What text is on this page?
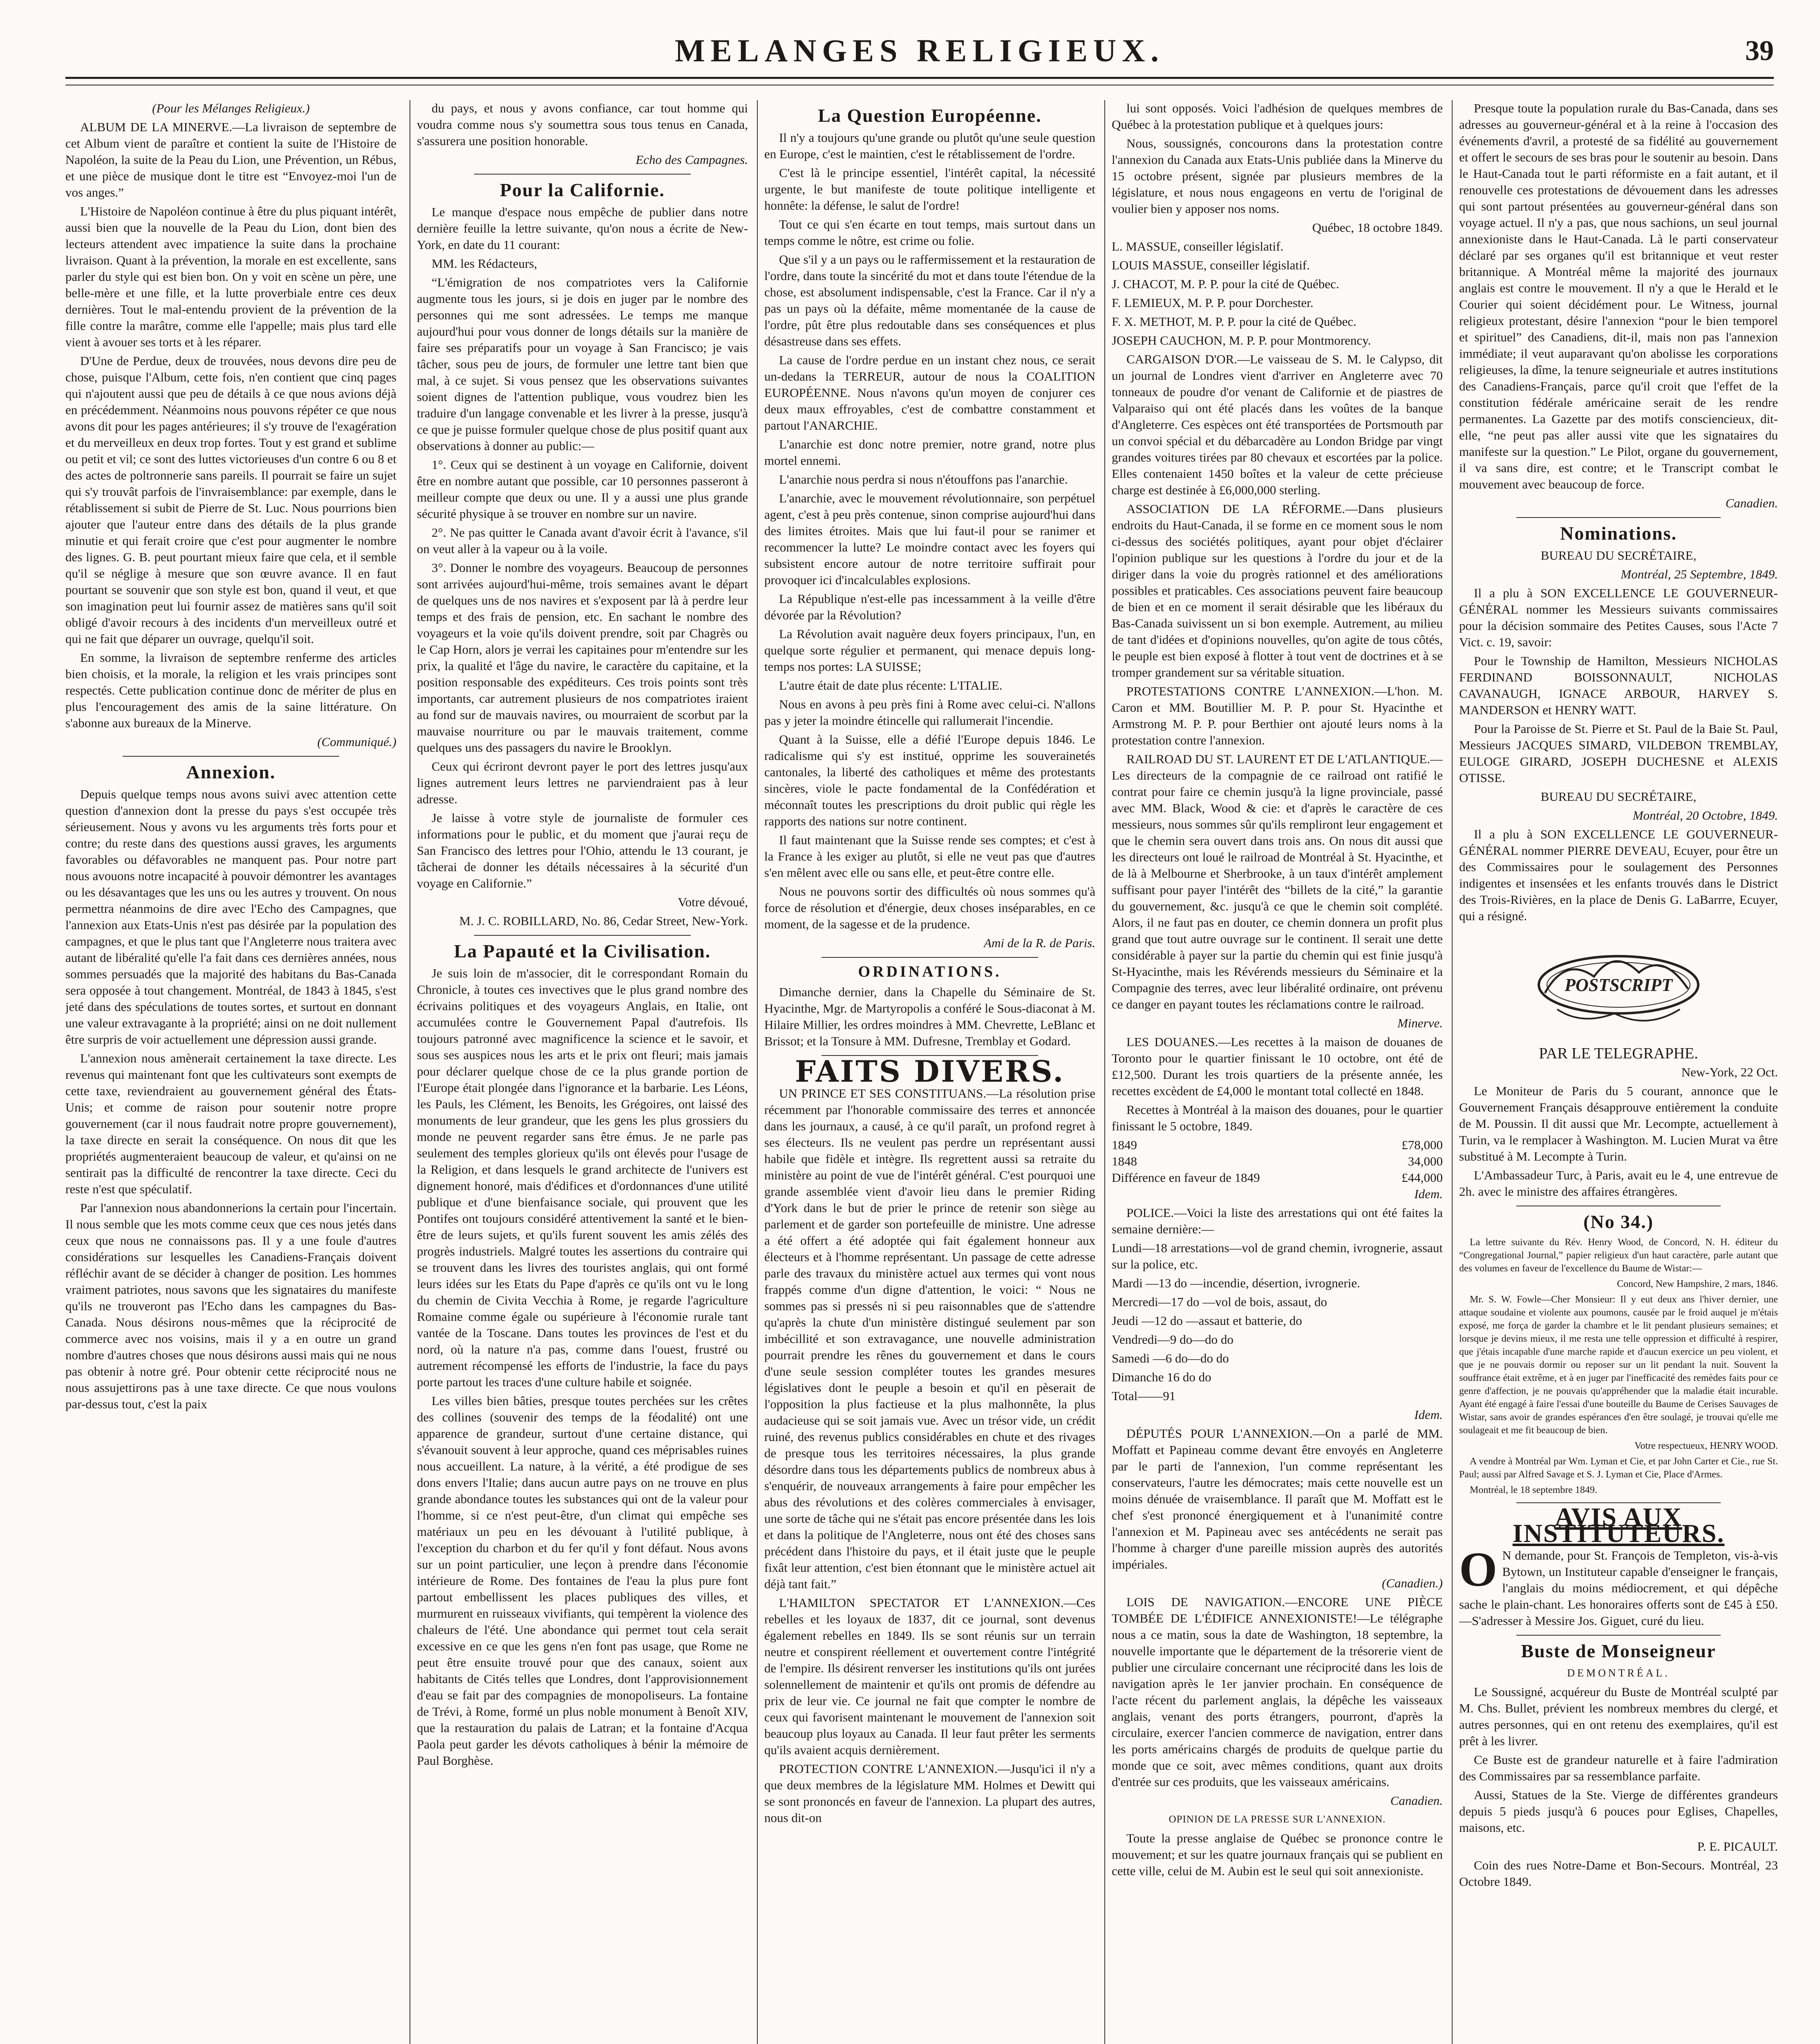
MELANGES RELIGIEUX.	39

(Pour les Mélanges Religieux.)

ALBUM DE LA MINERVE.—La livraison de septembre de cet Album vient de paraître et contient la suite de l'Histoire de Napoléon, la suite de la Peau du Lion, une Prévention, un Rébus, et une pièce de musique dont le titre est “Envoyez-moi l'un de vos anges.”

L'Histoire de Napoléon continue à être du plus piquant intérêt, aussi bien que la nouvelle de la Peau du Lion, dont bien des lecteurs attendent avec impatience la suite dans la prochaine livraison. Quant à la prévention, la morale en est excellente, sans parler du style qui est bien bon. On y voit en scène un père, une belle-mère et une fille, et la lutte proverbiale entre ces deux dernières. Tout le mal-entendu provient de la prévention de la fille contre la marâtre, comme elle l'appelle; mais plus tard elle vient à avouer ses torts et à les réparer.

D'Une de Perdue, deux de trouvées, nous devons dire peu de chose, puisque l'Album, cette fois, n'en contient que cinq pages qui n'ajoutent aussi que peu de détails à ce que nous avions déjà en précédemment. Néanmoins nous pouvons répéter ce que nous avons dit pour les pages antérieures; il s'y trouve de l'exagération et du merveilleux en deux trop fortes. Tout y est grand et sublime ou petit et vil; ce sont des luttes victorieuses d'un contre 6 ou 8 et des actes de poltronnerie sans pareils. Il pourrait se faire un sujet qui s'y trouvât parfois de l'invraisemblance: par exemple, dans le rétablissement si subit de Pierre de St. Luc. Nous pourrions bien ajouter que l'auteur entre dans des détails de la plus grande minutie et qui ferait croire que c'est pour augmenter le nombre des lignes. G. B. peut pourtant mieux faire que cela, et il semble qu'il se néglige à mesure que son œuvre avance. Il en faut pourtant se souvenir que son style est bon, quand il veut, et que son imagination peut lui fournir assez de matières sans qu'il soit obligé d'avoir recours à des incidents d'un merveilleux outré et qui ne fait que déparer un ouvrage, quelqu'il soit.

En somme, la livraison de septembre renferme des articles bien choisis, et la morale, la religion et les vrais principes sont respectés. Cette publication continue donc de mériter de plus en plus l'encouragement des amis de la saine littérature. On s'abonne aux bureaux de la Minerve.

(Communiqué.)

Annexion.

Depuis quelque temps nous avons suivi avec attention cette question d'annexion dont la presse du pays s'est occupée très sérieusement. Nous y avons vu les arguments très forts pour et contre; du reste dans des questions aussi graves, les arguments favorables ou défavorables ne manquent pas. Pour notre part nous avouons notre incapacité à pouvoir démontrer les avantages ou les désavantages que les uns ou les autres y trouvent. On nous permettra néanmoins de dire avec l'Echo des Campagnes, que l'annexion aux Etats-Unis n'est pas désirée par la population des campagnes, et que le plus tant que l'Angleterre nous traitera avec autant de libéralité qu'elle l'a fait dans ces dernières années, nous sommes persuadés que la majorité des habitans du Bas-Canada sera opposée à tout changement. Montréal, de 1843 à 1845, s'est jeté dans des spéculations de toutes sortes, et surtout en donnant une valeur extravagante à la propriété; ainsi on ne doit nullement être surpris de voir actuellement une dépression aussi grande.

L'annexion nous amènerait certainement la taxe directe. Les revenus qui maintenant font que les cultivateurs sont exempts de cette taxe, reviendraient au gouvernement général des États-Unis; et comme de raison pour soutenir notre propre gouvernement (car il nous faudrait notre propre gouvernement), la taxe directe en serait la conséquence. On nous dit que les propriétés augmenteraient beaucoup de valeur, et qu'ainsi on ne sentirait pas la difficulté de rencontrer la taxe directe. Ceci du reste n'est que spéculatif.

Par l'annexion nous abandonnerions la certain pour l'incertain. Il nous semble que les mots comme ceux que ces nous jetés dans ceux que nous ne connaissons pas. Il y a une foule d'autres considérations sur lesquelles les Canadiens-Français doivent réfléchir avant de se décider à changer de position. Les hommes vraiment patriotes, nous savons que les signataires du manifeste qu'ils ne trouveront pas l'Echo dans les campagnes du Bas-Canada. Nous désirons nous-mêmes que la réciprocité de commerce avec nos voisins, mais il y a en outre un grand nombre d'autres choses que nous désirons aussi mais qui ne nous pas obtenir à notre gré. Pour obtenir cette réciprocité nous ne nous assujettirons pas à une taxe directe. Ce que nous voulons par-dessus tout, c'est la paix

du pays, et nous y avons confiance, car tout homme qui voudra comme nous s'y soumettra sous tous tenus en Canada, s'assurera une position honorable.

Echo des Campagnes.

Pour la Californie.

Le manque d'espace nous empêche de publier dans notre dernière feuille la lettre suivante, qu'on nous a écrite de New-York, en date du 11 courant:

MM. les Rédacteurs,

“L'émigration de nos compatriotes vers la Californie augmente tous les jours, si je dois en juger par le nombre des personnes qui me sont adressées. Le temps me manque aujourd'hui pour vous donner de longs détails sur la manière de faire ses préparatifs pour un voyage à San Francisco; je vais tâcher, sous peu de jours, de formuler une lettre tant bien que mal, à ce sujet. Si vous pensez que les observations suivantes soient dignes de l'attention publique, vous voudrez bien les traduire d'un langage convenable et les livrer à la presse, jusqu'à ce que je puisse formuler quelque chose de plus positif quant aux observations à donner au public:—

1°. Ceux qui se destinent à un voyage en Californie, doivent être en nombre autant que possible, car 10 personnes passeront à meilleur compte que deux ou une. Il y a aussi une plus grande sécurité physique à se trouver en nombre sur un navire.

2°. Ne pas quitter le Canada avant d'avoir écrit à l'avance, s'il on veut aller à la vapeur ou à la voile.

3°. Donner le nombre des voyageurs. Beaucoup de personnes sont arrivées aujourd'hui-même, trois semaines avant le départ de quelques uns de nos navires et s'exposent par là à perdre leur temps et des frais de pension, etc. En sachant le nombre des voyageurs et la voie qu'ils doivent prendre, soit par Chagrès ou le Cap Horn, alors je verrai les capitaines pour m'entendre sur les prix, la qualité et l'âge du navire, le caractère du capitaine, et la position responsable des expéditeurs. Ces trois points sont très importants, car autrement plusieurs de nos compatriotes iraient au fond sur de mauvais navires, ou mourraient de scorbut par la mauvaise nourriture ou par le mauvais traitement, comme quelques uns des passagers du navire le Brooklyn.

Ceux qui écriront devront payer le port des lettres jusqu'aux lignes autrement leurs lettres ne parviendraient pas à leur adresse.

Je laisse à votre style de journaliste de formuler ces informations pour le public, et du moment que j'aurai reçu de San Francisco des lettres pour l'Ohio, attendu le 13 courant, je tâcherai de donner les détails nécessaires à la sécurité d'un voyage en Californie.”

Votre dévoué,

M. J. C. ROBILLARD, No. 86, Cedar Street, New-York.

La Papauté et la Civilisation.

Je suis loin de m'associer, dit le correspondant Romain du Chronicle, à toutes ces invectives que le plus grand nombre des écrivains politiques et des voyageurs Anglais, en Italie, ont accumulées contre le Gouvernement Papal d'autrefois. Ils toujours patronné avec magnificence la science et le savoir, et sous ses auspices nous les arts et le prix ont fleuri; mais jamais pour déclarer quelque chose de ce la plus grande portion de l'Europe était plongée dans l'ignorance et la barbarie. Les Léons, les Pauls, les Clément, les Benoits, les Grégoires, ont laissé des monuments de leur grandeur, que les gens les plus grossiers du monde ne peuvent regarder sans être émus. Je ne parle pas seulement des temples glorieux qu'ils ont élevés pour l'usage de la Religion, et dans lesquels le grand architecte de l'univers est dignement honoré, mais d'édifices et d'ordonnances d'une utilité publique et d'une bienfaisance sociale, qui prouvent que les Pontifes ont toujours considéré attentivement la santé et le bien-être de leurs sujets, et qu'ils furent souvent les amis zélés des progrès industriels. Malgré toutes les assertions du contraire qui se trouvent dans les livres des touristes anglais, qui ont formé leurs idées sur les Etats du Pape d'après ce qu'ils ont vu le long du chemin de Civita Vecchia à Rome, je regarde l'agriculture Romaine comme égale ou supérieure à l'économie rurale tant vantée de la Toscane. Dans toutes les provinces de l'est et du nord, où la nature n'a pas, comme dans l'ouest, frustré ou autrement récompensé les efforts de l'industrie, la face du pays porte partout les traces d'une culture habile et soignée.

Les villes bien bâties, presque toutes perchées sur les crêtes des collines (souvenir des temps de la féodalité) ont une apparence de grandeur, surtout d'une certaine distance, qui s'évanouit souvent à leur approche, quand ces méprisables ruines nous accueillent. La nature, à la vérité, a été prodigue de ses dons envers l'Italie; dans aucun autre pays on ne trouve en plus grande abondance toutes les substances qui ont de la valeur pour l'homme, si ce n'est peut-être, d'un climat qui empêche ses matériaux un peu en les dévouant à l'utilité publique, à l'exception du charbon et du fer qu'il y font défaut. Nous avons sur un point particulier, une leçon à prendre dans l'économie intérieure de Rome. Des fontaines de l'eau la plus pure font partout embellissent les places publiques des villes, et murmurent en ruisseaux vivifiants, qui tempèrent la violence des chaleurs de l'été. Une abondance qui permet tout cela serait excessive en ce que les gens n'en font pas usage, que Rome ne peut être ensuite trouvé pour que des canaux, soient aux habitants de Cités telles que Londres, dont l'approvisionnement d'eau se fait par des compagnies de monopoliseurs. La fontaine de Trévi, à Rome, formé un plus noble monument à Benoît XIV, que la restauration du palais de Latran; et la fontaine d'Acqua Paola peut garder les dévots catholiques à bénir la mémoire de Paul Borghèse.

La Question Européenne.

Il n'y a toujours qu'une grande ou plutôt qu'une seule question en Europe, c'est le maintien, c'est le rétablissement de l'ordre.

C'est là le principe essentiel, l'intérêt capital, la nécessité urgente, le but manifeste de toute politique intelligente et honnête: la défense, le salut de l'ordre!

Tout ce qui s'en écarte en tout temps, mais surtout dans un temps comme le nôtre, est crime ou folie.

Que s'il y a un pays ou le raffermissement et la restauration de l'ordre, dans toute la sincérité du mot et dans toute l'étendue de la chose, est absolument indispensable, c'est la France. Car il n'y a pas un pays où la défaite, même momentanée de la cause de l'ordre, pût être plus redoutable dans ses conséquences et plus désastreuse dans ses effets.

La cause de l'ordre perdue en un instant chez nous, ce serait un-dedans la TERREUR, autour de nous la COALITION EUROPÉENNE. Nous n'avons qu'un moyen de conjurer ces deux maux effroyables, c'est de combattre constamment et partout l'ANARCHIE.

L'anarchie est donc notre premier, notre grand, notre plus mortel ennemi.

L'anarchie nous perdra si nous n'étouffons pas l'anarchie.

L'anarchie, avec le mouvement révolutionnaire, son perpétuel agent, c'est à peu près contenue, sinon comprise aujourd'hui dans des limites étroites. Mais que lui faut-il pour se ranimer et recommencer la lutte? Le moindre contact avec les foyers qui subsistent encore autour de notre territoire suffirait pour provoquer ici d'incalculables explosions.

La République n'est-elle pas incessamment à la veille d'être dévorée par la Révolution?

La Révolution avait naguère deux foyers principaux, l'un, en quelque sorte régulier et permanent, qui menace depuis long-temps nos portes: LA SUISSE;

L'autre était de date plus récente: L'ITALIE.

Nous en avons à peu près fini à Rome avec celui-ci. N'allons pas y jeter la moindre étincelle qui rallumerait l'incendie.

Quant à la Suisse, elle a défié l'Europe depuis 1846. Le radicalisme qui s'y est institué, opprime les souverainetés cantonales, la liberté des catholiques et même des protestants sincères, viole le pacte fondamental de la Confédération et méconnaît toutes les prescriptions du droit public qui règle les rapports des nations sur notre continent.

Il faut maintenant que la Suisse rende ses comptes; et c'est à la France à les exiger au plutôt, si elle ne veut pas que d'autres s'en mêlent avec elle ou sans elle, et peut-être contre elle.

Nous ne pouvons sortir des difficultés où nous sommes qu'à force de résolution et d'énergie, deux choses inséparables, en ce moment, de la sagesse et de la prudence.

Ami de la R. de Paris.

ORDINATIONS.

Dimanche dernier, dans la Chapelle du Séminaire de St. Hyacinthe, Mgr. de Martyropolis a conféré le Sous-diaconat à M. Hilaire Millier, les ordres moindres à MM. Chevrette, LeBlanc et Brissot; et la Tonsure à MM. Dufresne, Tremblay et Godard.

FAITS DIVERS.

UN PRINCE ET SES CONSTITUANS.—La résolution prise récemment par l'honorable commissaire des terres et annoncée dans les journaux, a causé, à ce qu'il paraît, un profond regret à ses électeurs. Ils ne veulent pas perdre un représentant aussi habile que fidèle et intègre. Ils regrettent aussi sa retraite du ministère au point de vue de l'intérêt général. C'est pourquoi une grande assemblée vient d'avoir lieu dans le premier Riding d'York dans le but de prier le prince de retenir son siège au parlement et de garder son portefeuille de ministre. Une adresse a été offert a été adoptée qui fait également honneur aux électeurs et à l'homme représentant. Un passage de cette adresse parle des travaux du ministère actuel aux termes qui vont nous frappés comme d'un digne d'attention, le voici: “ Nous ne sommes pas si pressés ni si peu raisonnables que de s'attendre qu'après la chute d'un ministère distingué seulement par son imbécillité et son extravagance, une nouvelle administration pourrait prendre les rênes du gouvernement et dans le cours d'une seule session compléter toutes les grandes mesures législatives dont le peuple a besoin et qu'il en pèserait de l'opposition la plus factieuse et la plus malhonnête, la plus audacieuse qui se soit jamais vue. Avec un trésor vide, un crédit ruiné, des revenus publics considérables en chute et des rivages de presque tous les territoires nécessaires, la plus grande désordre dans tous les départements publics de nombreux abus à s'enquérir, de nouveaux arrangements à faire pour empêcher les abus des révolutions et des colères commerciales à envisager, une sorte de tâche qui ne s'était pas encore présentée dans les lois et dans la politique de l'Angleterre, nous ont été des choses sans précédent dans l'histoire du pays, et il était juste que le peuple fixât leur attention, c'est bien étonnant que le ministère actuel ait déjà tant fait.”

L'HAMILTON SPECTATOR ET L'ANNEXION.—Ces rebelles et les loyaux de 1837, dit ce journal, sont devenus également rebelles en 1849. Ils se sont réunis sur un terrain neutre et conspirent réellement et ouvertement contre l'intégrité de l'empire. Ils désirent renverser les institutions qu'ils ont jurées solennellement de maintenir et qu'ils ont promis de défendre au prix de leur vie. Ce journal ne fait que compter le nombre de ceux qui favorisent maintenant le mouvement de l'annexion soit beaucoup plus loyaux au Canada. Il leur faut prêter les serments qu'ils avaient acquis dernièrement.

PROTECTION CONTRE L'ANNEXION.—Jusqu'ici il n'y a que deux membres de la législature MM. Holmes et Dewitt qui se sont prononcés en faveur de l'annexion. La plupart des autres, nous dit-on

lui sont opposés. Voici l'adhésion de quelques membres de Québec à la protestation publique et à quelques jours:

Nous, soussignés, concourons dans la protestation contre l'annexion du Canada aux Etats-Unis publiée dans la Minerve du 15 octobre présent, signée par plusieurs membres de la législature, et nous nous engageons en vertu de l'original de voulier bien y apposer nos noms.

Québec, 18 octobre 1849.

L. MASSUE, conseiller législatif.

LOUIS MASSUE, conseiller législatif.

J. CHACOT, M. P. P. pour la cité de Québec.

F. LEMIEUX, M. P. P. pour Dorchester.

F. X. METHOT, M. P. P. pour la cité de Québec.

JOSEPH CAUCHON, M. P. P. pour Montmorency.

CARGAISON D'OR.—Le vaisseau de S. M. le Calypso, dit un journal de Londres vient d'arriver en Angleterre avec 70 tonneaux de poudre d'or venant de Californie et de piastres de Valparaiso qui ont été placés dans les voûtes de la banque d'Angleterre. Ces espèces ont été transportées de Portsmouth par un convoi spécial et du débarcadère au London Bridge par vingt grandes voitures tirées par 80 chevaux et escortées par la police. Elles contenaient 1450 boîtes et la valeur de cette précieuse charge est destinée à £6,000,000 sterling.

ASSOCIATION DE LA RÉFORME.—Dans plusieurs endroits du Haut-Canada, il se forme en ce moment sous le nom ci-dessus des sociétés politiques, ayant pour objet d'éclairer l'opinion publique sur les questions à l'ordre du jour et de la diriger dans la voie du progrès rationnel et des améliorations possibles et praticables. Ces associations peuvent faire beaucoup de bien et en ce moment il serait désirable que les libéraux du Bas-Canada suivissent un si bon exemple. Autrement, au milieu de tant d'idées et d'opinions nouvelles, qu'on agite de tous côtés, le peuple est bien exposé à flotter à tout vent de doctrines et à se tromper grandement sur sa véritable situation.

PROTESTATIONS CONTRE L'ANNEXION.—L'hon. M. Caron et MM. Boutillier M. P. P. pour St. Hyacinthe et Armstrong M. P. P. pour Berthier ont ajouté leurs noms à la protestation contre l'annexion.

RAILROAD DU ST. LAURENT ET DE L'ATLANTIQUE.—Les directeurs de la compagnie de ce railroad ont ratifié le contrat pour faire ce chemin jusqu'à la ligne provinciale, passé avec MM. Black, Wood & cie: et d'après le caractère de ces messieurs, nous sommes sûr qu'ils rempliront leur engagement et que le chemin sera ouvert dans trois ans. On nous dit aussi que les directeurs ont loué le railroad de Montréal à St. Hyacinthe, et de là à Melbourne et Sherbrooke, à un taux d'intérêt amplement suffisant pour payer l'intérêt des “billets de la cité,” la garantie du gouvernement, &c. jusqu'à ce que le chemin soit complété. Alors, il ne faut pas en douter, ce chemin donnera un profit plus grand que tout autre ouvrage sur le continent. Il serait une dette considérable à payer sur la partie du chemin qui est finie jusqu'à St-Hyacinthe, mais les Révérends messieurs du Séminaire et la Compagnie des terres, avec leur libéralité ordinaire, ont prévenu ce danger en payant toutes les réclamations contre le railroad.

Minerve.

LES DOUANES.—Les recettes à la maison de douanes de Toronto pour le quartier finissant le 10 octobre, ont été de £12,500. Durant les trois quartiers de la présente année, les recettes excèdent de £4,000 le montant total collecté en 1848.

Recettes à Montréal à la maison des douanes, pour le quartier finissant le 5 octobre, 1849.

1849	£78,000
1848	34,000
Différence en faveur de 1849	£44,000

Idem.

POLICE.—Voici la liste des arrestations qui ont été faites la semaine dernière:—

Lundi—18 arrestations—vol de grand chemin, ivrognerie, assaut sur la police, etc.

Mardi —13 do —incendie, désertion, ivrognerie.

Mercredi—17 do —vol de bois, assaut, do

Jeudi —12 do —assaut et batterie, do

Vendredi—9 do—do do

Samedi —6 do—do do

Dimanche 16 do do

Total——91

Idem.

DÉPUTÉS POUR L'ANNEXION.—On a parlé de MM. Moffatt et Papineau comme devant être envoyés en Angleterre par le parti de l'annexion, l'un comme représentant les conservateurs, l'autre les démocrates; mais cette nouvelle est un moins dénuée de vraisemblance. Il paraît que M. Moffatt est le chef s'est prononcé énergiquement et à l'unanimité contre l'annexion et M. Papineau avec ses antécédents ne serait pas l'homme à charger d'une pareille mission auprès des autorités impériales.

(Canadien.)

LOIS DE NAVIGATION.—ENCORE UNE PIÈCE TOMBÉE DE L'ÉDIFICE ANNEXIONISTE!—Le télégraphe nous a ce matin, sous la date de Washington, 18 septembre, la nouvelle importante que le département de la trésorerie vient de publier une circulaire concernant une réciprocité dans les lois de navigation après le 1er janvier prochain. En conséquence de l'acte récent du parlement anglais, la dépêche les vaisseaux anglais, venant des ports étrangers, pourront, d'après la circulaire, exercer l'ancien commerce de navigation, entrer dans les ports américains chargés de produits de quelque partie du monde que ce soit, avec mêmes conditions, quant aux droits d'entrée sur ces produits, que les vaisseaux américains.

Canadien.

OPINION DE LA PRESSE SUR L'ANNEXION.

Toute la presse anglaise de Québec se prononce contre le mouvement; et sur les quatre journaux français qui se publient en cette ville, celui de M. Aubin est le seul qui soit annexioniste.

Presque toute la population rurale du Bas-Canada, dans ses adresses au gouverneur-général et à la reine à l'occasion des événements d'avril, a protesté de sa fidélité au gouvernement et offert le secours de ses bras pour le soutenir au besoin. Dans le Haut-Canada tout le parti réformiste en a fait autant, et il renouvelle ces protestations de dévouement dans les adresses qui sont partout présentées au gouverneur-général dans son voyage actuel. Il n'y a pas, que nous sachions, un seul journal annexioniste dans le Haut-Canada. Là le parti conservateur déclaré par ses organes qu'il est britannique et veut rester britannique. A Montréal même la majorité des journaux anglais est contre le mouvement. Il n'y a que le Herald et le Courier qui soient décidément pour. Le Witness, journal religieux protestant, désire l'annexion “pour le bien temporel et spirituel” des Canadiens, dit-il, mais non pas l'annexion immédiate; il veut auparavant qu'on abolisse les corporations religieuses, la dîme, la tenure seigneuriale et autres institutions des Canadiens-Français, parce qu'il croit que l'effet de la constitution fédérale américaine serait de les rendre permanentes. La Gazette par des motifs consciencieux, dit-elle, “ne peut pas aller aussi vite que les signataires du manifeste sur la question.” Le Pilot, organe du gouvernement, il va sans dire, est contre; et le Transcript combat le mouvement avec beaucoup de force.

Canadien.

Nominations.

BUREAU DU SECRÉTAIRE,

Montréal, 25 Septembre, 1849.

Il a plu à SON EXCELLENCE LE GOUVERNEUR-GÉNÉRAL nommer les Messieurs suivants commissaires pour la décision sommaire des Petites Causes, sous l'Acte 7 Vict. c. 19, savoir:

Pour le Township de Hamilton, Messieurs NICHOLAS FERDINAND BOISSONNAULT, NICHOLAS CAVANAUGH, IGNACE ARBOUR, HARVEY S. MANDERSON et HENRY WATT.

Pour la Paroisse de St. Pierre et St. Paul de la Baie St. Paul, Messieurs JACQUES SIMARD, VILDEBON TREMBLAY, EULOGE GIRARD, JOSEPH DUCHESNE et ALEXIS OTISSE.

BUREAU DU SECRÉTAIRE,

Montréal, 20 Octobre, 1849.

Il a plu à SON EXCELLENCE LE GOUVERNEUR-GÉNÉRAL nommer PIERRE DEVEAU, Ecuyer, pour être un des Commissaires pour le soulagement des Personnes indigentes et insensées et les enfants trouvés dans le District des Trois-Rivières, en la place de Denis G. LaBarrre, Ecuyer, qui a résigné.

POSTSCRIPT

PAR LE TELEGRAPHE.

New-York, 22 Oct.

Le Moniteur de Paris du 5 courant, annonce que le Gouvernement Français désapprouve entièrement la conduite de M. Poussin. Il dit aussi que Mr. Lecompte, actuellement à Turin, va le remplacer à Washington. M. Lucien Murat va être substitué à M. Lecompte à Turin.

L'Ambassadeur Turc, à Paris, avait eu le 4, une entrevue de 2h. avec le ministre des affaires étrangères.

(No 34.)

La lettre suivante du Rév. Henry Wood, de Concord, N. H. éditeur du “Congregational Journal,” papier religieux d'un haut caractère, parle autant que des volumes en faveur de l'excellence du Baume de Wistar:—

Concord, New Hampshire, 2 mars, 1846.

Mr. S. W. Fowle—Cher Monsieur: Il y eut deux ans l'hiver dernier, une attaque soudaine et violente aux poumons, causée par le froid auquel je m'étais exposé, me força de garder la chambre et le lit pendant plusieurs semaines; et lorsque je devins mieux, il me resta une telle oppression et difficulté à respirer, que j'étais incapable d'une marche rapide et d'aucun exercice un peu violent, et que je ne pouvais dormir ou reposer sur un lit pendant la nuit. Souvent la souffrance était extrême, et à en juger par l'inefficacité des remèdes faits pour ce genre d'affection, je ne pouvais qu'appréhender que la maladie était incurable. Ayant été engagé à faire l'essai d'une bouteille du Baume de Cerises Sauvages de Wistar, sans avoir de grandes espérances d'en être soulagé, je trouvai qu'elle me soulageait et me fit beaucoup de bien.

Votre respectueux, HENRY WOOD.

A vendre à Montréal par Wm. Lyman et Cie, et par John Carter et Cie., rue St. Paul; aussi par Alfred Savage et S. J. Lyman et Cie, Place d'Armes.

Montréal, le 18 septembre 1849.

AVIS AUX INSTITUTEURS.

O N demande, pour St. François de Templeton, vis-à-vis Bytown, un Instituteur capable d'enseigner le français, l'anglais du moins médiocrement, et qui dépêche sache le plain-chant. Les honoraires offerts sont de £45 à £50.—S'adresser à Messire Jos. Giguet, curé du lieu.

Buste de Monseigneur

DEMONTRÉAL.

Le Soussigné, acquéreur du Buste de Montréal sculpté par M. Chs. Bullet, prévient les nombreux membres du clergé, et autres personnes, qui en ont retenu des exemplaires, qu'il est prêt à les livrer.

Ce Buste est de grandeur naturelle et à faire l'admiration des Commissaires par sa ressemblance parfaite.

Aussi, Statues de la Ste. Vierge de différentes grandeurs depuis 5 pieds jusqu'à 6 pouces pour Eglises, Chapelles, maisons, etc.

P. E. PICAULT.

Coin des rues Notre-Dame et Bon-Secours. Montréal, 23 Octobre 1849.
